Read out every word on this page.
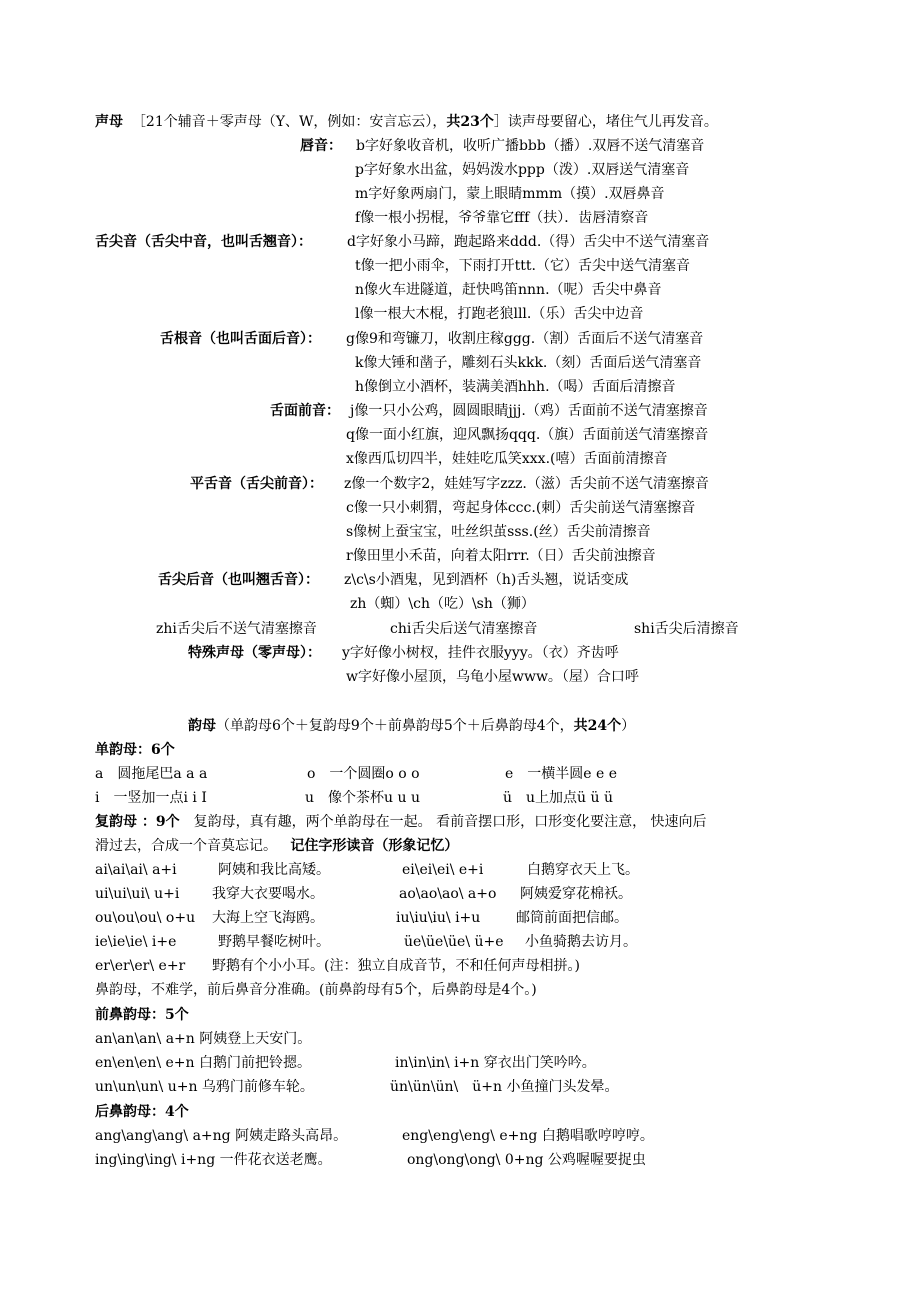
声母 ［21个辅音＋零声母（Y、W，例如：安言忘云），共23个］读声母要留心，堵住气儿再发音。
唇音： b字好象收音机，收听广播bbb（播）.双唇不送气清塞音
p字好象水出盆，妈妈泼水ppp（泼）.双唇送气清塞音
m字好象两扇门，蒙上眼睛mmm（摸）.双唇鼻音
f像一根小拐棍，爷爷靠它fff（扶）．齿唇清察音
舌尖音（舌尖中音，也叫舌翘音）：	d字好象小马蹄，跑起路来ddd.（得）舌尖中不送气清塞音
t像一把小雨伞，下雨打开ttt.（它）舌尖中送气清塞音
n像火车进隧道，赶快鸣笛nnn.（呢）舌尖中鼻音
l像一根大木棍，打跑老狼lll.（乐）舌尖中边音
舌根音（也叫舌面后音）： g像9和弯镰刀，收割庄稼ggg.（割）舌面后不送气清塞音
k像大锤和凿子，雕刻石头kkk.（刻）舌面后送气清塞音
h像倒立小酒杯，装满美酒hhh.（喝）舌面后清擦音
舌面前音： j像一只小公鸡，圆圆眼睛jjj.（鸡）舌面前不送气清塞擦音
q像一面小红旗，迎风飘扬qqq.（旗）舌面前送气清塞擦音
x像西瓜切四半，娃娃吃瓜笑xxx.(嘻）舌面前清擦音
平舌音（舌尖前音）： z像一个数字2，娃娃写字zzz.（滋）舌尖前不送气清塞擦音
c像一只小刺猬，弯起身体ccc.(刺）舌尖前送气清塞擦音
s像树上蚕宝宝，吐丝织茧sss.(丝）舌尖前清擦音
r像田里小禾苗，向着太阳rrr.（日）舌尖前浊擦音
舌尖后音（也叫翘舌音）： z\c\s小酒鬼，见到酒杯（h)舌头翘，说话变成
zh（蜘）\ch（吃）\sh（狮）
zhi舌尖后不送气清塞擦音	chi舌尖后送气清塞擦音	shi舌尖后清擦音
特殊声母（零声母）： y字好像小树杈，挂件衣服yyy。（衣）齐齿呼
w字好像小屋顶，乌龟小屋www。（屋）合口呼
韵母（单韵母6个＋复韵母9个＋前鼻韵母5个＋后鼻韵母4个，共24个）
单韵母：6个
a　圆拖尾巴a a a	o　一个圆圈o o o	e　一横半圆e e e
i　一竖加一点i i I	u　像个茶杯u u u	ü　u上加点ü ü ü
复韵母 ：9个　复韵母，真有趣，两个单韵母在一起。 看前音摆口形，口形变化要注意， 快速向后
滑过去，合成一个音莫忘记。 记住字形读音（形象记忆）
ai\ai\ai\ a+i	阿姨和我比高矮。	ei\ei\ei\ e+i	白鹅穿衣天上飞。
ui\ui\ui\ u+i 我穿大衣要喝水。	ao\ao\ao\ a+o 阿姨爱穿花棉袄。
ou\ou\ou\ o+u 大海上空飞海鸥。	iu\iu\iu\ i+u	邮筒前面把信邮。
ie\ie\ie\ i+e	野鹅早餐吃树叶。	üe\üe\üe\ ü+e 小鱼骑鹅去访月。
er\er\er\ e+r 野鹅有个小小耳。(注：独立自成音节，不和任何声母相拼。)
鼻韵母，不难学，前后鼻音分准确。(前鼻韵母有5个，后鼻韵母是4个。)
前鼻韵母：5个
an\an\an\ a+n 阿姨登上天安门。
en\en\en\ e+n 白鹅门前把铃摁。	in\in\in\ i+n 穿衣出门笑吟吟。
un\un\un\ u+n 乌鸦门前修车轮。	ün\ün\ün\　ü+n 小鱼撞门头发晕。
后鼻韵母：4个
ang\ang\ang\ a+ng 阿姨走路头高昂。	eng\eng\eng\ e+ng 白鹅唱歌哼哼哼。
ing\ing\ing\ i+ng 一件花衣送老鹰。	ong\ong\ong\ 0+ng 公鸡喔喔要捉虫
